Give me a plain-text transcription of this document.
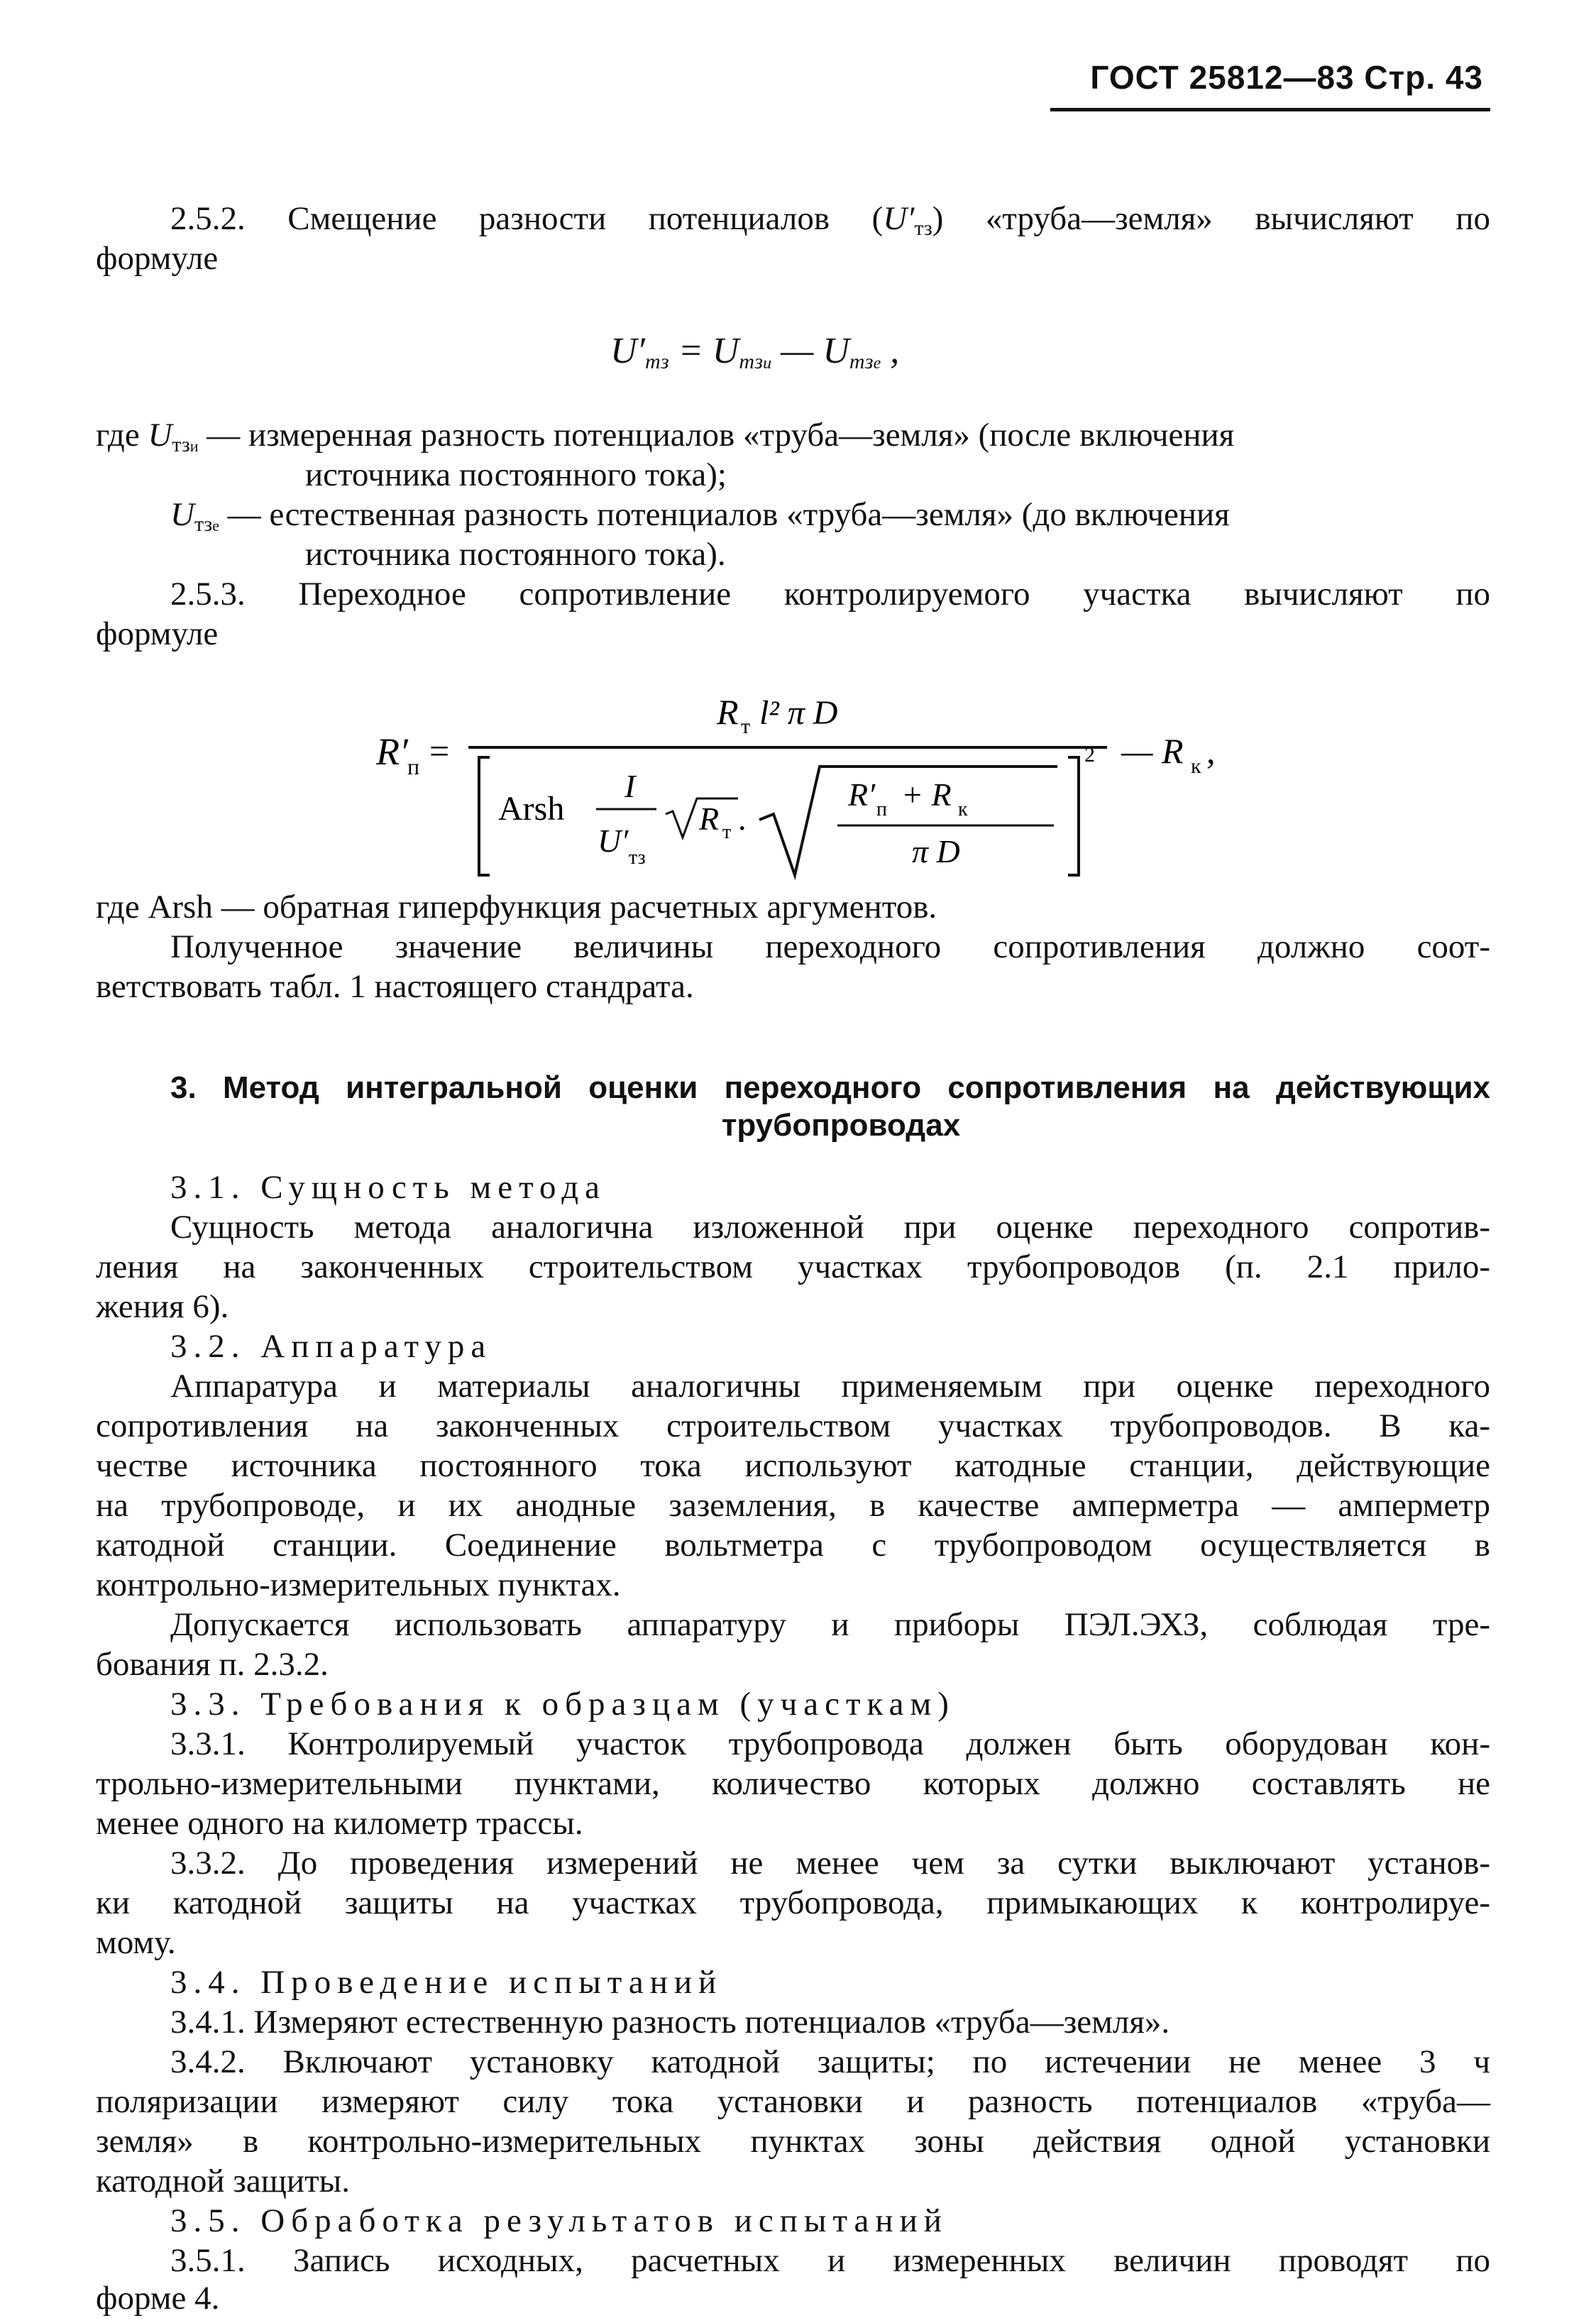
ГОСТ 25812—83 Стр. 43
2.5.2. Смещение разности потенциалов $(U'_{тз})$ «труба—земля» вычисляют по
формуле
$U'_{тз} = U_{тзи}$ — $U_{тзе}$ ,
где $U_{тзи}$ — измеренная разность потенциалов «труба—земля» (после включения
источника постоянного тока);
$U_{тзе}$ — естественная разность потенциалов «труба—земля» (до включения
источника постоянного тока).
2.5.3. Переходное сопротивление контролируемого участка вычисляют по
формуле
R′ п =
R т l² π D
Arsh
I
U′ тз
R т .
R′ п + R к
π D
2 — R к ,
где Arsh — обратная гиперфункция расчетных аргументов.
Полученное значение величины переходного сопротивления должно соот-
ветствовать табл. 1 настоящего стандрата.
3. Метод интегральной оценки переходного сопротивления на действующих
трубопроводах
3.1. Сущность метода
Сущность метода аналогична изложенной при оценке переходного сопротив-
ления на законченных строительством участках трубопроводов (п. 2.1 прило-
жения 6).
3.2. Аппаратура
Аппаратура и материалы аналогичны применяемым при оценке переходного
сопротивления на законченных строительством участках трубопроводов. В ка-
честве источника постоянного тока используют катодные станции, действующие
на трубопроводе, и их анодные заземления, в качестве амперметра — амперметр
катодной станции. Соединение вольтметра с трубопроводом осуществляется в
контрольно-измерительных пунктах.
Допускается использовать аппаратуру и приборы ПЭЛ.ЭХЗ, соблюдая тре-
бования п. 2.3.2.
3.3. Требования к образцам (участкам)
3.3.1. Контролируемый участок трубопровода должен быть оборудован кон-
трольно-измерительными пунктами, количество которых должно составлять не
менее одного на километр трассы.
3.3.2. До проведения измерений не менее чем за сутки выключают установ-
ки катодной защиты на участках трубопровода, примыкающих к контролируе-
мому.
3.4. Проведение испытаний
3.4.1. Измеряют естественную разность потенциалов «труба—земля».
3.4.2. Включают установку катодной защиты; по истечении не менее 3 ч
поляризации измеряют силу тока установки и разность потенциалов «труба—
земля» в контрольно-измерительных пунктах зоны действия одной установки
катодной защиты.
3.5. Обработка результатов испытаний
3.5.1. Запись исходных, расчетных и измеренных величин проводят по
форме 4.
